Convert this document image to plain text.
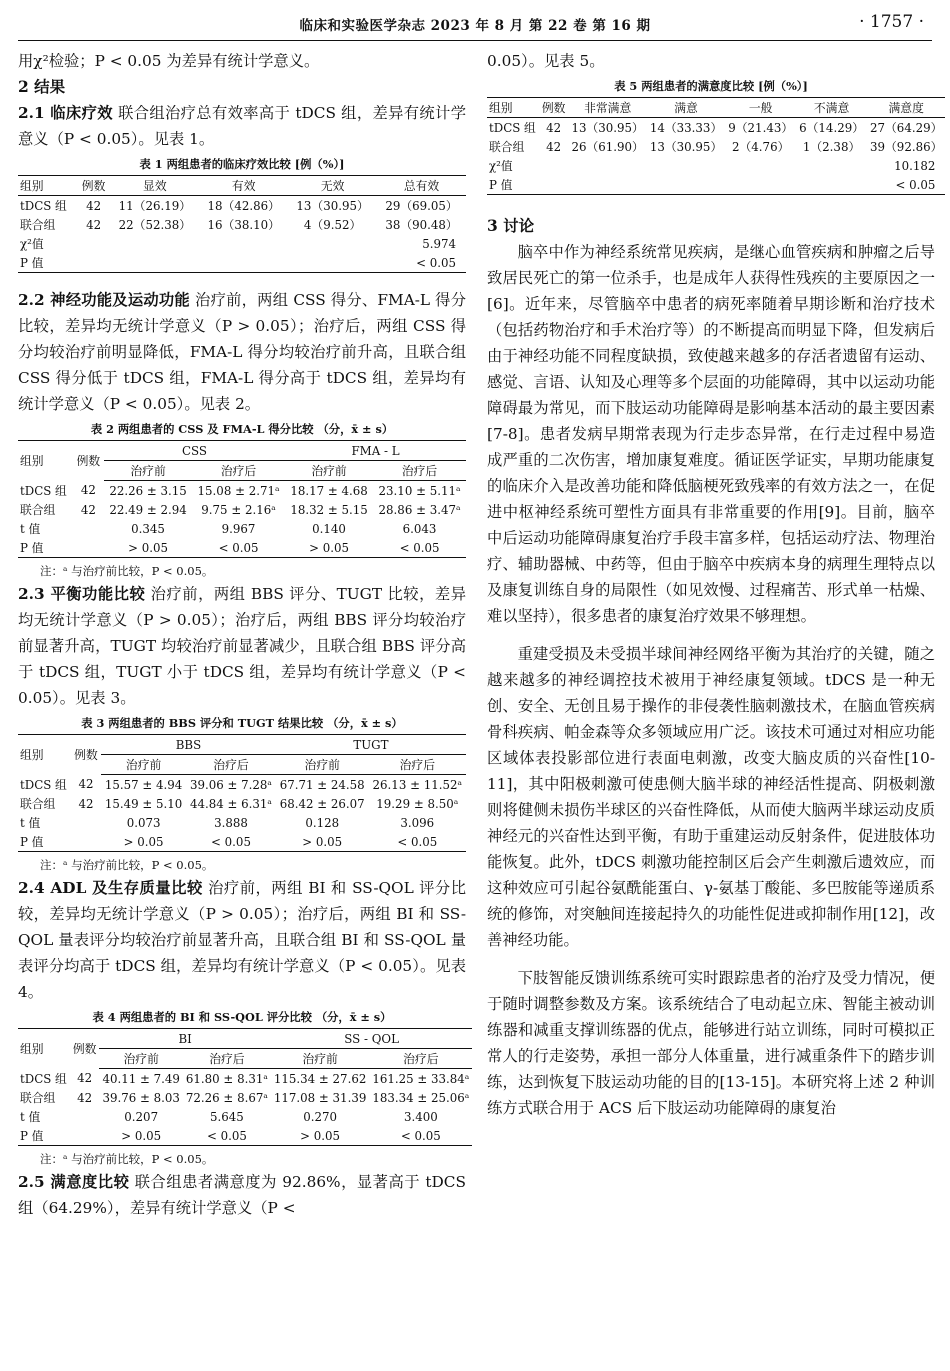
临床和实验医学杂志 2023 年 8 月 第 22 卷 第 16 期	· 1757 ·

用χ²检验；P < 0.05 为差异有统计学意义。

2 结果

2.1 临床疗效 联合组治疗总有效率高于 tDCS 组，差异有统计学意义（P < 0.05）。见表 1。

表 1 两组患者的临床疗效比较 [例（%）]
组别	例数	显效	有效	无效	总有效
tDCS 组	42	11（26.19）	18（42.86）	13（30.95）	29（69.05）
联合组	42	22（52.38）	16（38.10）	4（9.52）	38（90.48）
χ²值	5.974				
P 值	< 0.05				

2.2 神经功能及运动功能 治疗前，两组 CSS 得分、FMA-L 得分比较，差异均无统计学意义（P > 0.05）；治疗后，两组 CSS 得分均较治疗前明显降低，FMA-L 得分均较治疗前升高，且联合组 CSS 得分低于 tDCS 组，FMA-L 得分高于 tDCS 组，差异均有统计学意义（P < 0.05）。见表 2。

表 2 两组患者的 CSS 及 FMA-L 得分比较 （分，x̄ ± s）
组别	例数	CSS		FMA - L	
		治疗前	治疗后	治疗前	治疗后
tDCS 组	42	22.26 ± 3.15	15.08 ± 2.71ᵃ	18.17 ± 4.68	23.10 ± 5.11ᵃ
联合组	42	22.49 ± 2.94	9.75 ± 2.16ᵃ	18.32 ± 5.15	28.86 ± 3.47ᵃ
t 值		0.345	9.967	0.140	6.043
P 值		> 0.05	< 0.05	> 0.05	< 0.05
注：ᵃ 与治疗前比较，P < 0.05。

2.3 平衡功能比较 治疗前，两组 BBS 评分、TUGT 比较，差异均无统计学意义（P > 0.05）；治疗后，两组 BBS 评分均较治疗前显著升高，TUGT 均较治疗前显著减少，且联合组 BBS 评分高于 tDCS 组，TUGT 小于 tDCS 组，差异均有统计学意义（P < 0.05）。见表 3。

表 3 两组患者的 BBS 评分和 TUGT 结果比较 （分，x̄ ± s）
组别	例数	BBS		TUGT	
		治疗前	治疗后	治疗前	治疗后
tDCS 组	42	15.57 ± 4.94	39.06 ± 7.28ᵃ	67.71 ± 24.58	26.13 ± 11.52ᵃ
联合组	42	15.49 ± 5.10	44.84 ± 6.31ᵃ	68.42 ± 26.07	19.29 ± 8.50ᵃ
t 值		0.073	3.888	0.128	3.096
P 值		> 0.05	< 0.05	> 0.05	< 0.05
注：ᵃ 与治疗前比较，P < 0.05。

2.4 ADL 及生存质量比较 治疗前，两组 BI 和 SS-QOL 评分比较，差异均无统计学意义（P > 0.05）；治疗后，两组 BI 和 SS-QOL 量表评分均较治疗前显著升高，且联合组 BI 和 SS-QOL 量表评分均高于 tDCS 组，差异均有统计学意义（P < 0.05）。见表 4。

表 4 两组患者的 BI 和 SS-QOL 评分比较 （分，x̄ ± s）
组别	例数	BI		SS - QOL	
		治疗前	治疗后	治疗前	治疗后
tDCS 组	42	40.11 ± 7.49	61.80 ± 8.31ᵃ	115.34 ± 27.62	161.25 ± 33.84ᵃ
联合组	42	39.76 ± 8.03	72.26 ± 8.67ᵃ	117.08 ± 31.39	183.34 ± 25.06ᵃ
t 值		0.207	5.645	0.270	3.400
P 值		> 0.05	< 0.05	> 0.05	< 0.05
注：ᵃ 与治疗前比较，P < 0.05。

2.5 满意度比较 联合组患者满意度为 92.86%，显著高于 tDCS 组（64.29%），差异有统计学意义（P <

0.05）。见表 5。

表 5 两组患者的满意度比较 [例（%）]
组别	例数	非常满意	满意	一般	不满意	满意度
tDCS 组	42	13（30.95）	14（33.33）	9（21.43）	6（14.29）	27（64.29）
联合组	42	26（61.90）	13（30.95）	2（4.76）	1（2.38）	39（92.86）
χ²值	10.182					
P 值	< 0.05					

3 讨论

脑卒中作为神经系统常见疾病，是继心血管疾病和肿瘤之后导致居民死亡的第一位杀手，也是成年人获得性残疾的主要原因之一[6]。近年来，尽管脑卒中患者的病死率随着早期诊断和治疗技术（包括药物治疗和手术治疗等）的不断提高而明显下降，但发病后由于神经功能不同程度缺损，致使越来越多的存活者遗留有运动、感觉、言语、认知及心理等多个层面的功能障碍，其中以运动功能障碍最为常见，而下肢运动功能障碍是影响基本活动的最主要因素[7-8]。患者发病早期常表现为行走步态异常，在行走过程中易造成严重的二次伤害，增加康复难度。循证医学证实，早期功能康复的临床介入是改善功能和降低脑梗死致残率的有效方法之一，在促进中枢神经系统可塑性方面具有非常重要的作用[9]。目前，脑卒中后运动功能障碍康复治疗手段丰富多样，包括运动疗法、物理治疗、辅助器械、中药等，但由于脑卒中疾病本身的病理生理特点以及康复训练自身的局限性（如见效慢、过程痛苦、形式单一枯燥、难以坚持），很多患者的康复治疗效果不够理想。

重建受损及未受损半球间神经网络平衡为其治疗的关键，随之越来越多的神经调控技术被用于神经康复领域。tDCS 是一种无创、安全、无创且易于操作的非侵袭性脑刺激技术，在脑血管疾病骨科疾病、帕金森等众多领域应用广泛。该技术可通过对相应功能区域体表投影部位进行表面电刺激，改变大脑皮质的兴奋性[10-11]，其中阳极刺激可使患侧大脑半球的神经活性提高、阴极刺激则将健侧未损伤半球区的兴奋性降低，从而使大脑两半球运动皮质神经元的兴奋性达到平衡，有助于重建运动反射条件，促进肢体功能恢复。此外，tDCS 刺激功能控制区后会产生刺激后遗效应，而这种效应可引起谷氨酰能蛋白、γ-氨基丁酸能、多巴胺能等递质系统的修饰，对突触间连接起持久的功能性促进或抑制作用[12]，改善神经功能。

下肢智能反馈训练系统可实时跟踪患者的治疗及受力情况，便于随时调整参数及方案。该系统结合了电动起立床、智能主被动训练器和减重支撑训练器的优点，能够进行站立训练，同时可模拟正常人的行走姿势，承担一部分人体重量，进行减重条件下的踏步训练，达到恢复下肢运动功能的目的[13-15]。本研究将上述 2 种训练方式联合用于 ACS 后下肢运动功能障碍的康复治
